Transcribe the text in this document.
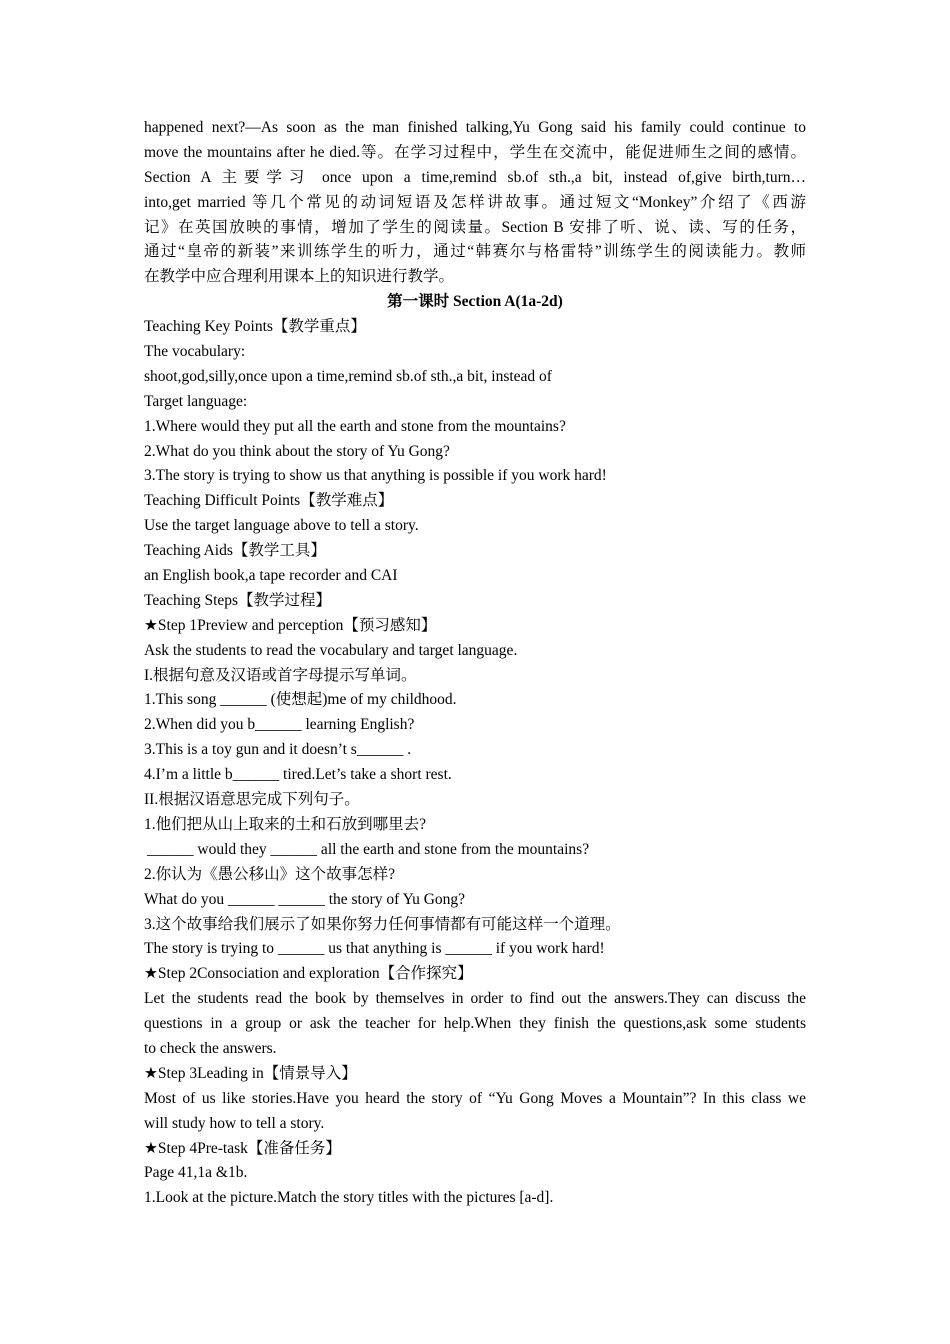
happened next?—As soon as the man finished talking,Yu Gong said his family could continue to
move the mountains after he died.等。在学习过程中，学生在交流中，能促进师生之间的感情。
Section A 主要学习 once upon a time,remind sb.of sth.,a bit, instead of,give birth,turn…
into,get married 等几个常见的动词短语及怎样讲故事。通过短文“Monkey”介绍了《西游
记》在英国放映的事情，增加了学生的阅读量。Section B 安排了听、说、读、写的任务，
通过“皇帝的新装”来训练学生的听力，通过“韩赛尔与格雷特”训练学生的阅读能力。教师
在教学中应合理利用课本上的知识进行教学。
第一课时 Section A(1a-2d)
Teaching Key Points【教学重点】
The vocabulary:
shoot,god,silly,once upon a time,remind sb.of sth.,a bit, instead of
Target language:
1.Where would they put all the earth and stone from the mountains?
2.What do you think about the story of Yu Gong?
3.The story is trying to show us that anything is possible if you work hard!
Teaching Difficult Points【教学难点】
Use the target language above to tell a story.
Teaching Aids【教学工具】
an English book,a tape recorder and CAI
Teaching Steps【教学过程】
★Step 1Preview and perception【预习感知】
Ask the students to read the vocabulary and target language.
I.根据句意及汉语或首字母提示写单词。
1.This song ______ (使想起)me of my childhood.
2.When did you b______ learning English?
3.This is a toy gun and it doesn’t s______ .
4.I’m a little b______ tired.Let’s take a short rest.
II.根据汉语意思完成下列句子。
1.他们把从山上取来的土和石放到哪里去?
______ would they ______ all the earth and stone from the mountains?
2.你认为《愚公移山》这个故事怎样?
What do you ______ ______ the story of Yu Gong?
3.这个故事给我们展示了如果你努力任何事情都有可能这样一个道理。
The story is trying to ______ us that anything is ______ if you work hard!
★Step 2Consociation and exploration【合作探究】
Let the students read the book by themselves in order to find out the answers.They can discuss the
questions in a group or ask the teacher for help.When they finish the questions,ask some students
to check the answers.
★Step 3Leading in【情景导入】
Most of us like stories.Have you heard the story of “Yu Gong Moves a Mountain”? In this class we
will study how to tell a story.
★Step 4Pre-task【准备任务】
Page 41,1a &1b.
1.Look at the picture.Match the story titles with the pictures [a-d].
